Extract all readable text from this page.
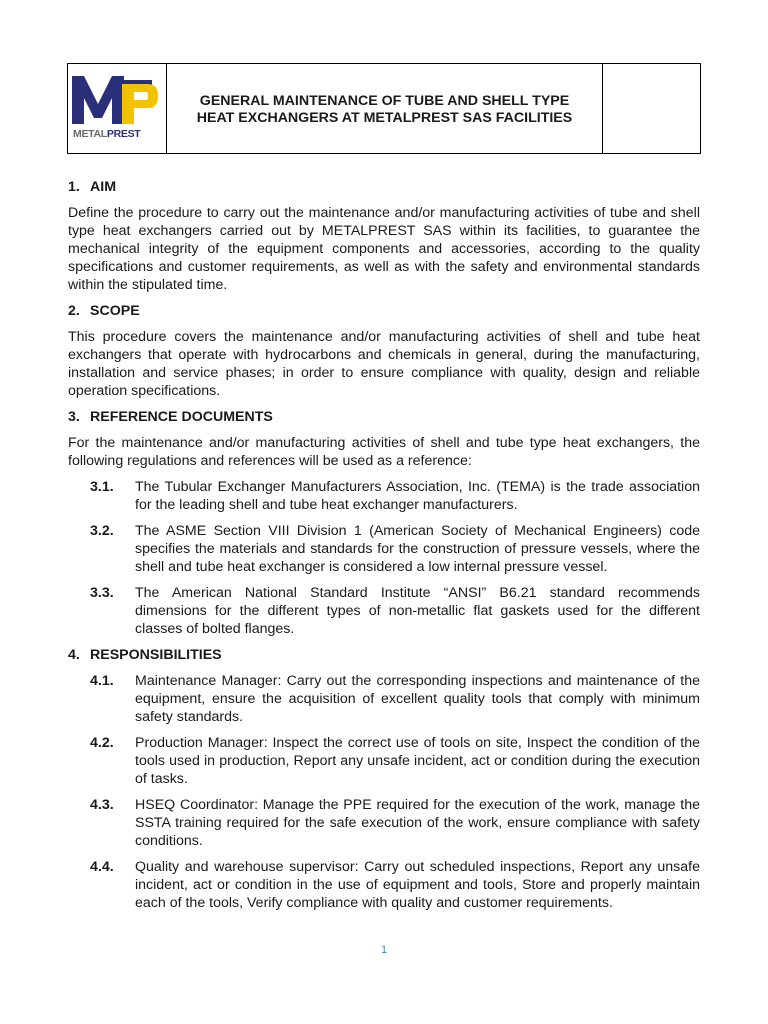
METALPREST
GENERAL MAINTENANCE OF TUBE AND SHELL TYPE
HEAT EXCHANGERS AT METALPREST SAS FACILITIES
1. AIM

Define the procedure to carry out the maintenance and/or manufacturing activities of tube and shell type heat exchangers carried out by METALPREST SAS within its facilities, to guarantee the mechanical integrity of the equipment components and accessories, according to the quality specifications and customer requirements, as well as with the safety and environmental standards within the stipulated time.

2. SCOPE

This procedure covers the maintenance and/or manufacturing activities of shell and tube heat exchangers that operate with hydrocarbons and chemicals in general, during the manufacturing, installation and service phases; in order to ensure compliance with quality, design and reliable operation specifications.

3. REFERENCE DOCUMENTS

For the maintenance and/or manufacturing activities of shell and tube type heat exchangers, the following regulations and references will be used as a reference:

3.1.	The Tubular Exchanger Manufacturers Association, Inc. (TEMA) is the trade association for the leading shell and tube heat exchanger manufacturers.
3.2.	The ASME Section VIII Division 1 (American Society of Mechanical Engineers) code specifies the materials and standards for the construction of pressure vessels, where the shell and tube heat exchanger is considered a low internal pressure vessel.
3.3.	The American National Standard Institute “ANSI” B6.21 standard recommends dimensions for the different types of non-metallic flat gaskets used for the different classes of bolted flanges.
4. RESPONSIBILITIES
4.1.	Maintenance Manager: Carry out the corresponding inspections and maintenance of the equipment, ensure the acquisition of excellent quality tools that comply with minimum safety standards.
4.2.	Production Manager: Inspect the correct use of tools on site, Inspect the condition of the tools used in production, Report any unsafe incident, act or condition during the execution of tasks.
4.3.	HSEQ Coordinator: Manage the PPE required for the execution of the work, manage the SSTA training required for the safe execution of the work, ensure compliance with safety conditions.
4.4.	Quality and warehouse supervisor: Carry out scheduled inspections, Report any unsafe incident, act or condition in the use of equipment and tools, Store and properly maintain each of the tools, Verify compliance with quality and customer requirements.
1
